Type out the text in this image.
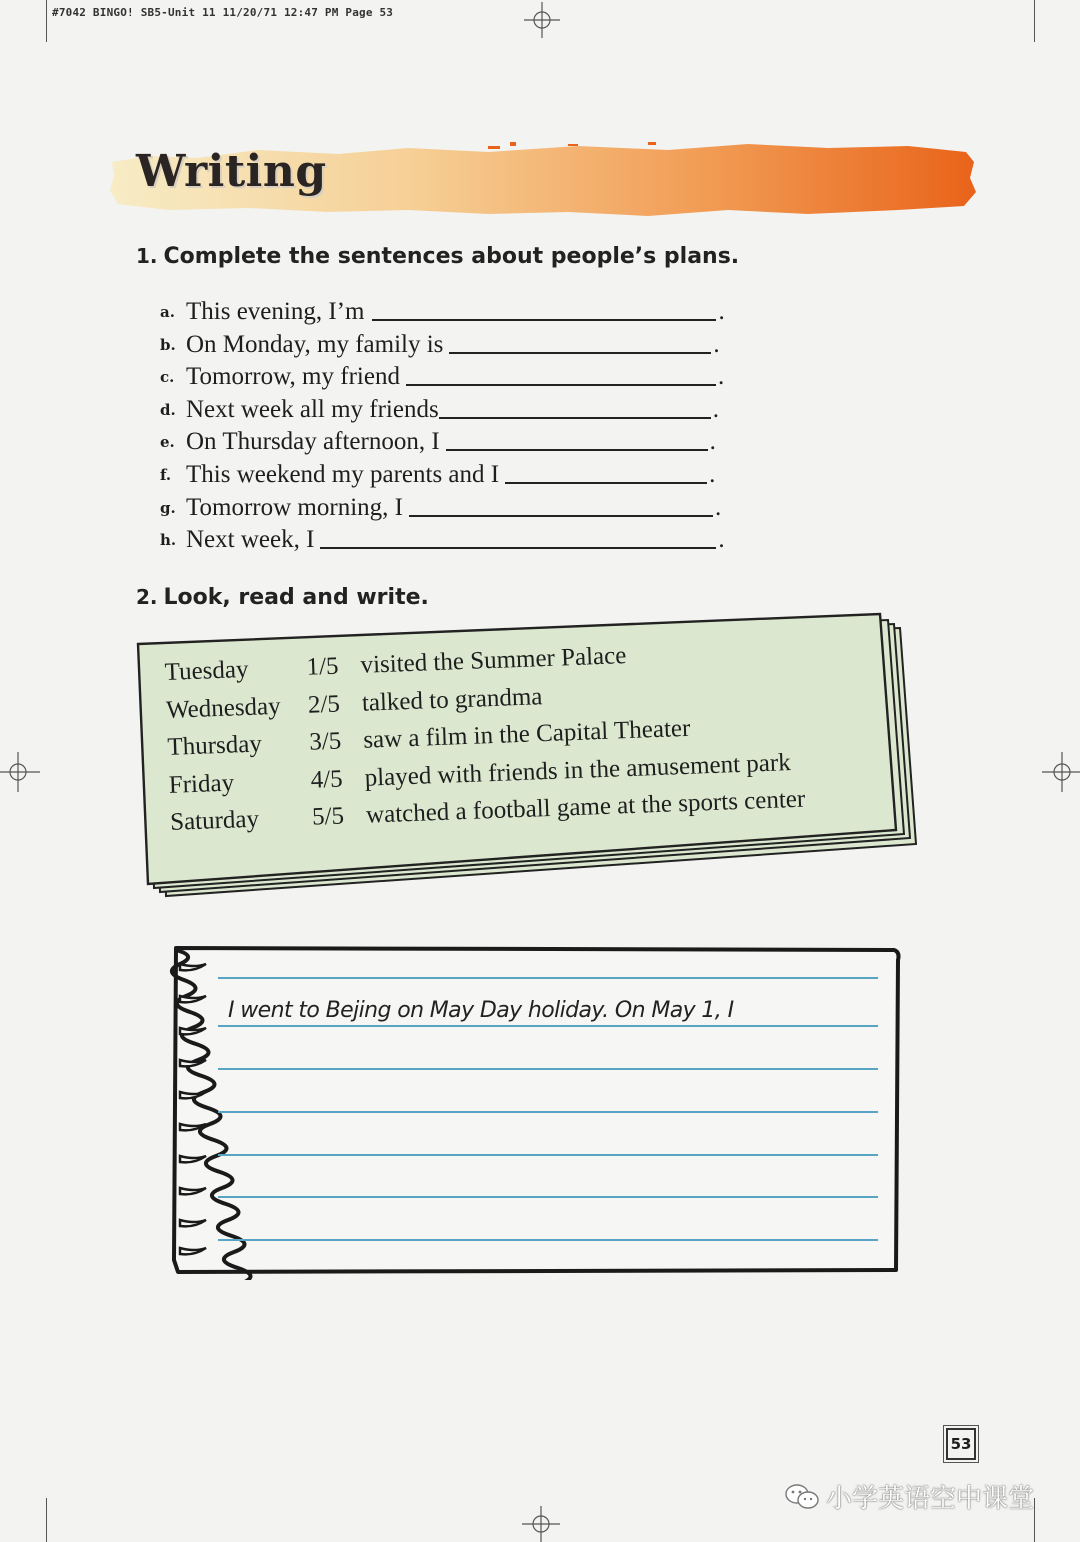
#7042 BINGO! SB5-Unit 11 11/20/71 12:47 PM Page 53
Writing
1. Complete the sentences about people’s plans.
a. This evening, I’m	.
b. On Monday, my family is	.
c. Tomorrow, my friend	.
d. Next week all my friends	.
e. On Thursday afternoon, I	.
f. This weekend my parents and I	.
g. Tomorrow morning, I	.
h. Next week, I	.
2. Look, read and write.
Tuesday	1/5 visited the Summer Palace
Wednesday	2/5 talked to grandma
Thursday	3/5 saw a film in the Capital Theater
Friday	4/5 played with friends in the amusement park
Saturday	5/5 watched a football game at the sports center
I went to Bejing on May Day holiday. On May 1, I
53
小学英语空中课堂
